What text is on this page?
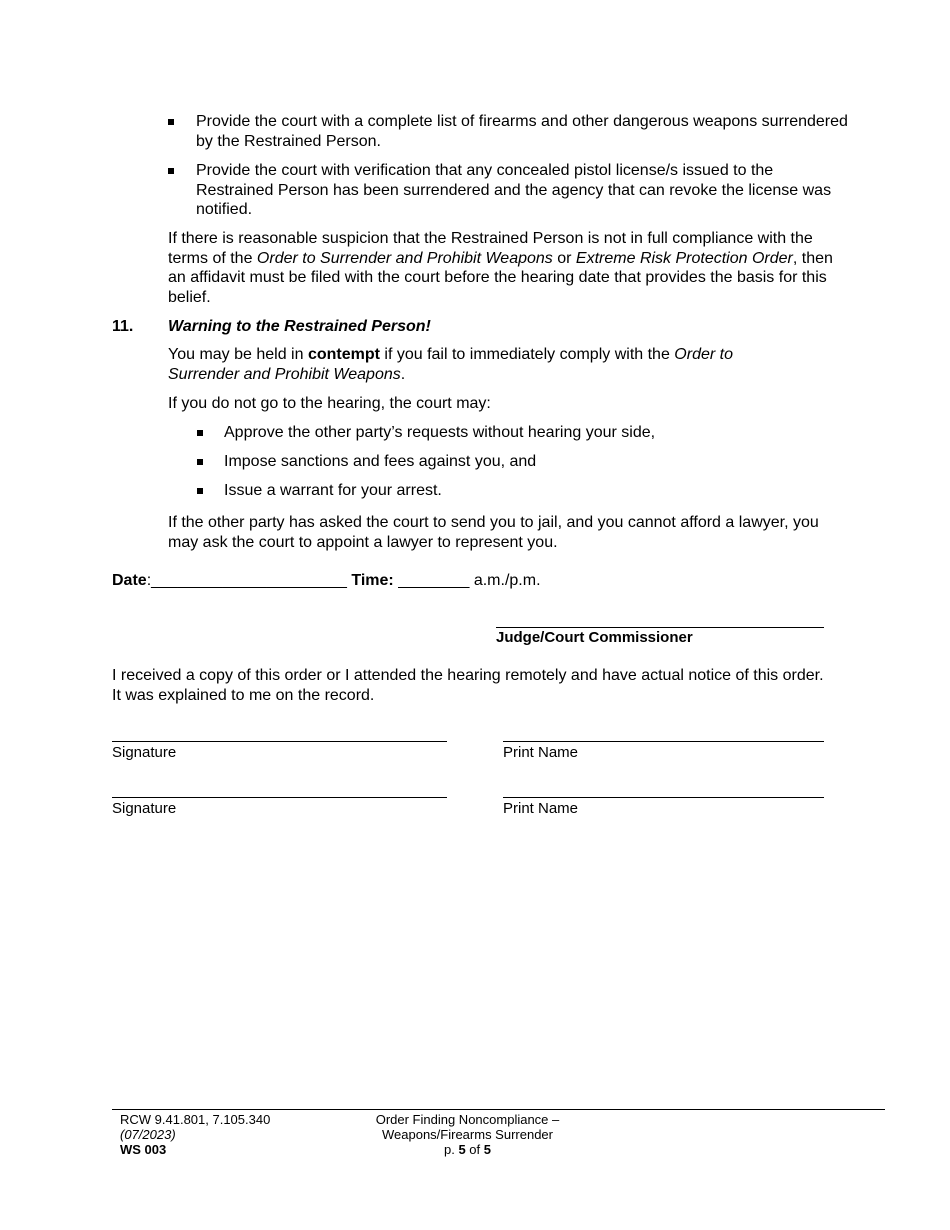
Provide the court with a complete list of firearms and other dangerous weapons surrendered by the Restrained Person.
Provide the court with verification that any concealed pistol license/s issued to the Restrained Person has been surrendered and the agency that can revoke the license was notified.

If there is reasonable suspicion that the Restrained Person is not in full compliance with the terms of the Order to Surrender and Prohibit Weapons or Extreme Risk Protection Order, then an affidavit must be filed with the court before the hearing date that provides the basis for this belief.

11. Warning to the Restrained Person!

You may be held in contempt if you fail to immediately comply with the Order to Surrender and Prohibit Weapons.

If you do not go to the hearing, the court may:

Approve the other party’s requests without hearing your side,
Impose sanctions and fees against you, and
Issue a warrant for your arrest.

If the other party has asked the court to send you to jail, and you cannot afford a lawyer, you may ask the court to appoint a lawyer to represent you.

Date:______________________ Time: ________ a.m./p.m.
Judge/Court Commissioner

I received a copy of this order or I attended the hearing remotely and have actual notice of this order. It was explained to me on the record.

Signature	Print Name
Signature	Print Name
RCW 9.41.801, 7.105.340
(07/2023)
WS 003
Order Finding Noncompliance –
Weapons/Firearms Surrender
p. 5 of 5
